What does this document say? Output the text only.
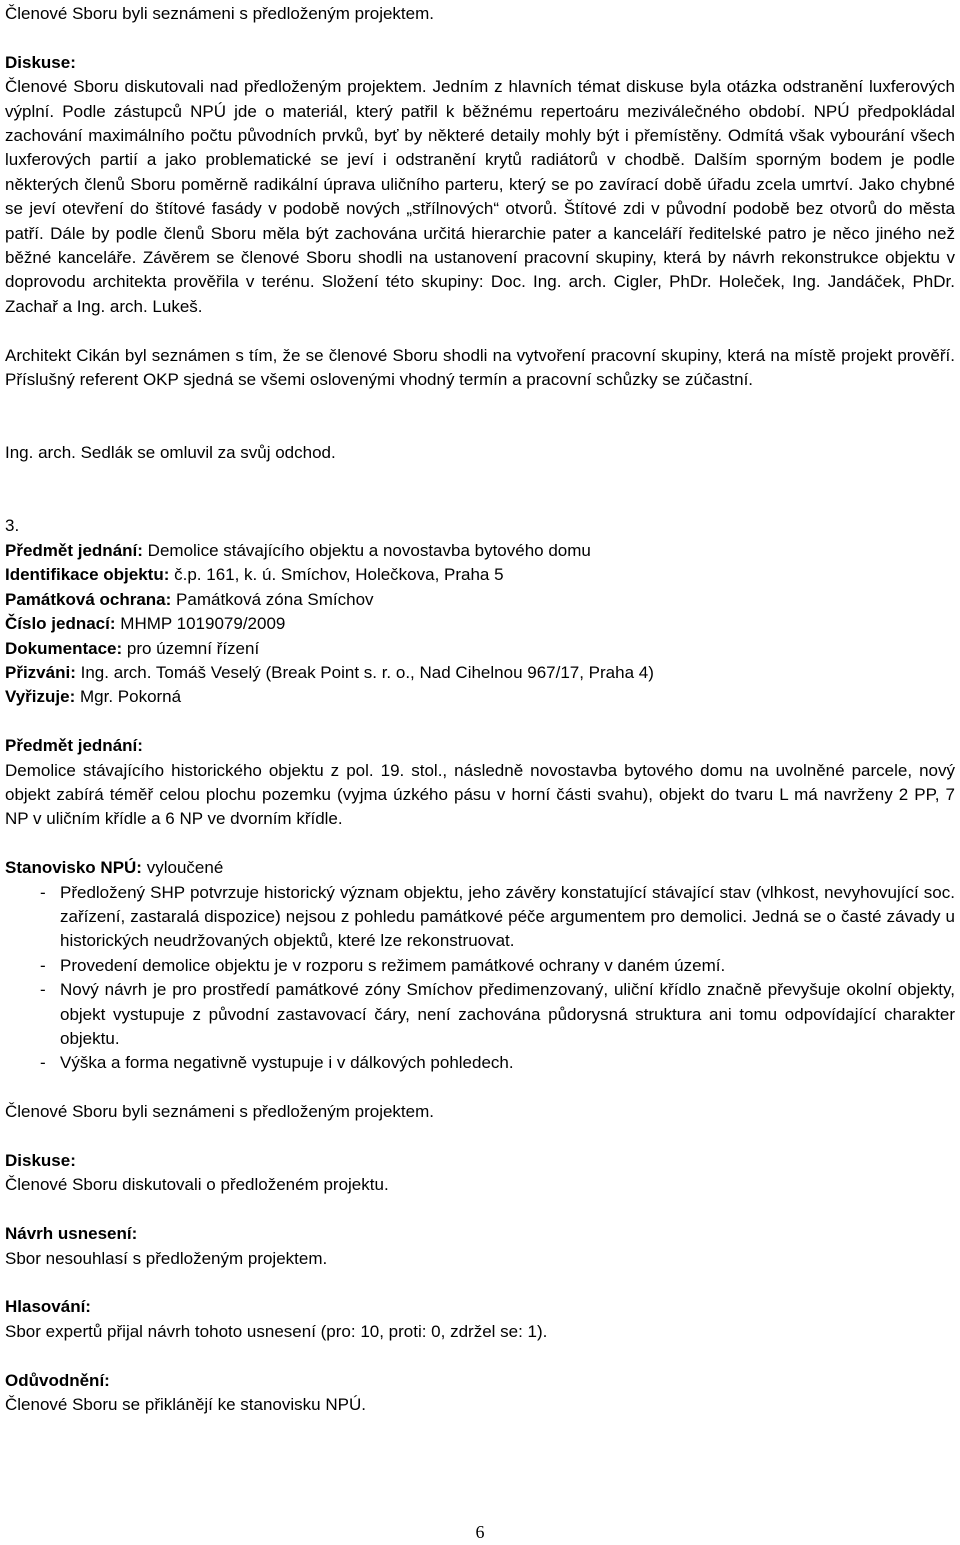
Členové Sboru byli seznámeni s předloženým projektem.

Diskuse:

Členové Sboru diskutovali nad předloženým projektem. Jedním z hlavních témat diskuse byla otázka odstranění luxferových výplní. Podle zástupců NPÚ jde o materiál, který patřil k běžnému repertoáru meziválečného období. NPÚ předpokládal zachování maximálního počtu původních prvků, byť by některé detaily mohly být i přemístěny. Odmítá však vybourání všech luxferových partií a jako problematické se jeví i odstranění krytů radiátorů v chodbě. Dalším sporným bodem je podle některých členů Sboru poměrně radikální úprava uličního parteru, který se po zavírací době úřadu zcela umrtví. Jako chybné se jeví otevření do štítové fasády v podobě nových „střílnových“ otvorů. Štítové zdi v původní podobě bez otvorů do města patří. Dále by podle členů Sboru měla být zachována určitá hierarchie pater a kanceláří ředitelské patro je něco jiného než běžné kanceláře. Závěrem se členové Sboru shodli na ustanovení pracovní skupiny, která by návrh rekonstrukce objektu v doprovodu architekta prověřila v terénu. Složení této skupiny: Doc. Ing. arch. Cigler, PhDr. Holeček, Ing. Jandáček, PhDr. Zachař a Ing. arch. Lukeš.

Architekt Cikán byl seznámen s tím, že se členové Sboru shodli na vytvoření pracovní skupiny, která na místě projekt prověří. Příslušný referent OKP sjedná se všemi oslovenými vhodný termín a pracovní schůzky se zúčastní.

Ing. arch. Sedlák se omluvil za svůj odchod.

3.

Předmět jednání: Demolice stávajícího objektu a novostavba bytového domu

Identifikace objektu: č.p. 161, k. ú. Smíchov, Holečkova, Praha 5

Památková ochrana: Památková zóna Smíchov

Číslo jednací: MHMP 1019079/2009

Dokumentace: pro územní řízení

Přizváni: Ing. arch. Tomáš Veselý (Break Point s. r. o., Nad Cihelnou 967/17, Praha 4)

Vyřizuje: Mgr. Pokorná

Předmět jednání:

Demolice stávajícího historického objektu z pol. 19. stol., následně novostavba bytového domu na uvolněné parcele, nový objekt zabírá téměř celou plochu pozemku (vyjma úzkého pásu v horní části svahu), objekt do tvaru L má navrženy 2 PP, 7 NP v uličním křídle a 6 NP ve dvorním křídle.

Stanovisko NPÚ: vyloučené

- Předložený SHP potvrzuje historický význam objektu, jeho závěry konstatující stávající stav (vlhkost, nevyhovující soc. zařízení, zastaralá dispozice) nejsou z pohledu památkové péče argumentem pro demolici. Jedná se o časté závady u historických neudržovaných objektů, které lze rekonstruovat.
- Provedení demolice objektu je v rozporu s režimem památkové ochrany v daném území.
- Nový návrh je pro prostředí památkové zóny Smíchov předimenzovaný, uliční křídlo značně převyšuje okolní objekty, objekt vystupuje z původní zastavovací čáry, není zachována půdorysná struktura ani tomu odpovídající charakter objektu.
- Výška a forma negativně vystupuje i v dálkových pohledech.

Členové Sboru byli seznámeni s předloženým projektem.

Diskuse:

Členové Sboru diskutovali o předloženém projektu.

Návrh usnesení:

Sbor nesouhlasí s předloženým projektem.

Hlasování:

Sbor expertů přijal návrh tohoto usnesení (pro: 10, proti: 0, zdržel se: 1).

Odůvodnění:

Členové Sboru se přiklánějí ke stanovisku NPÚ.

6
